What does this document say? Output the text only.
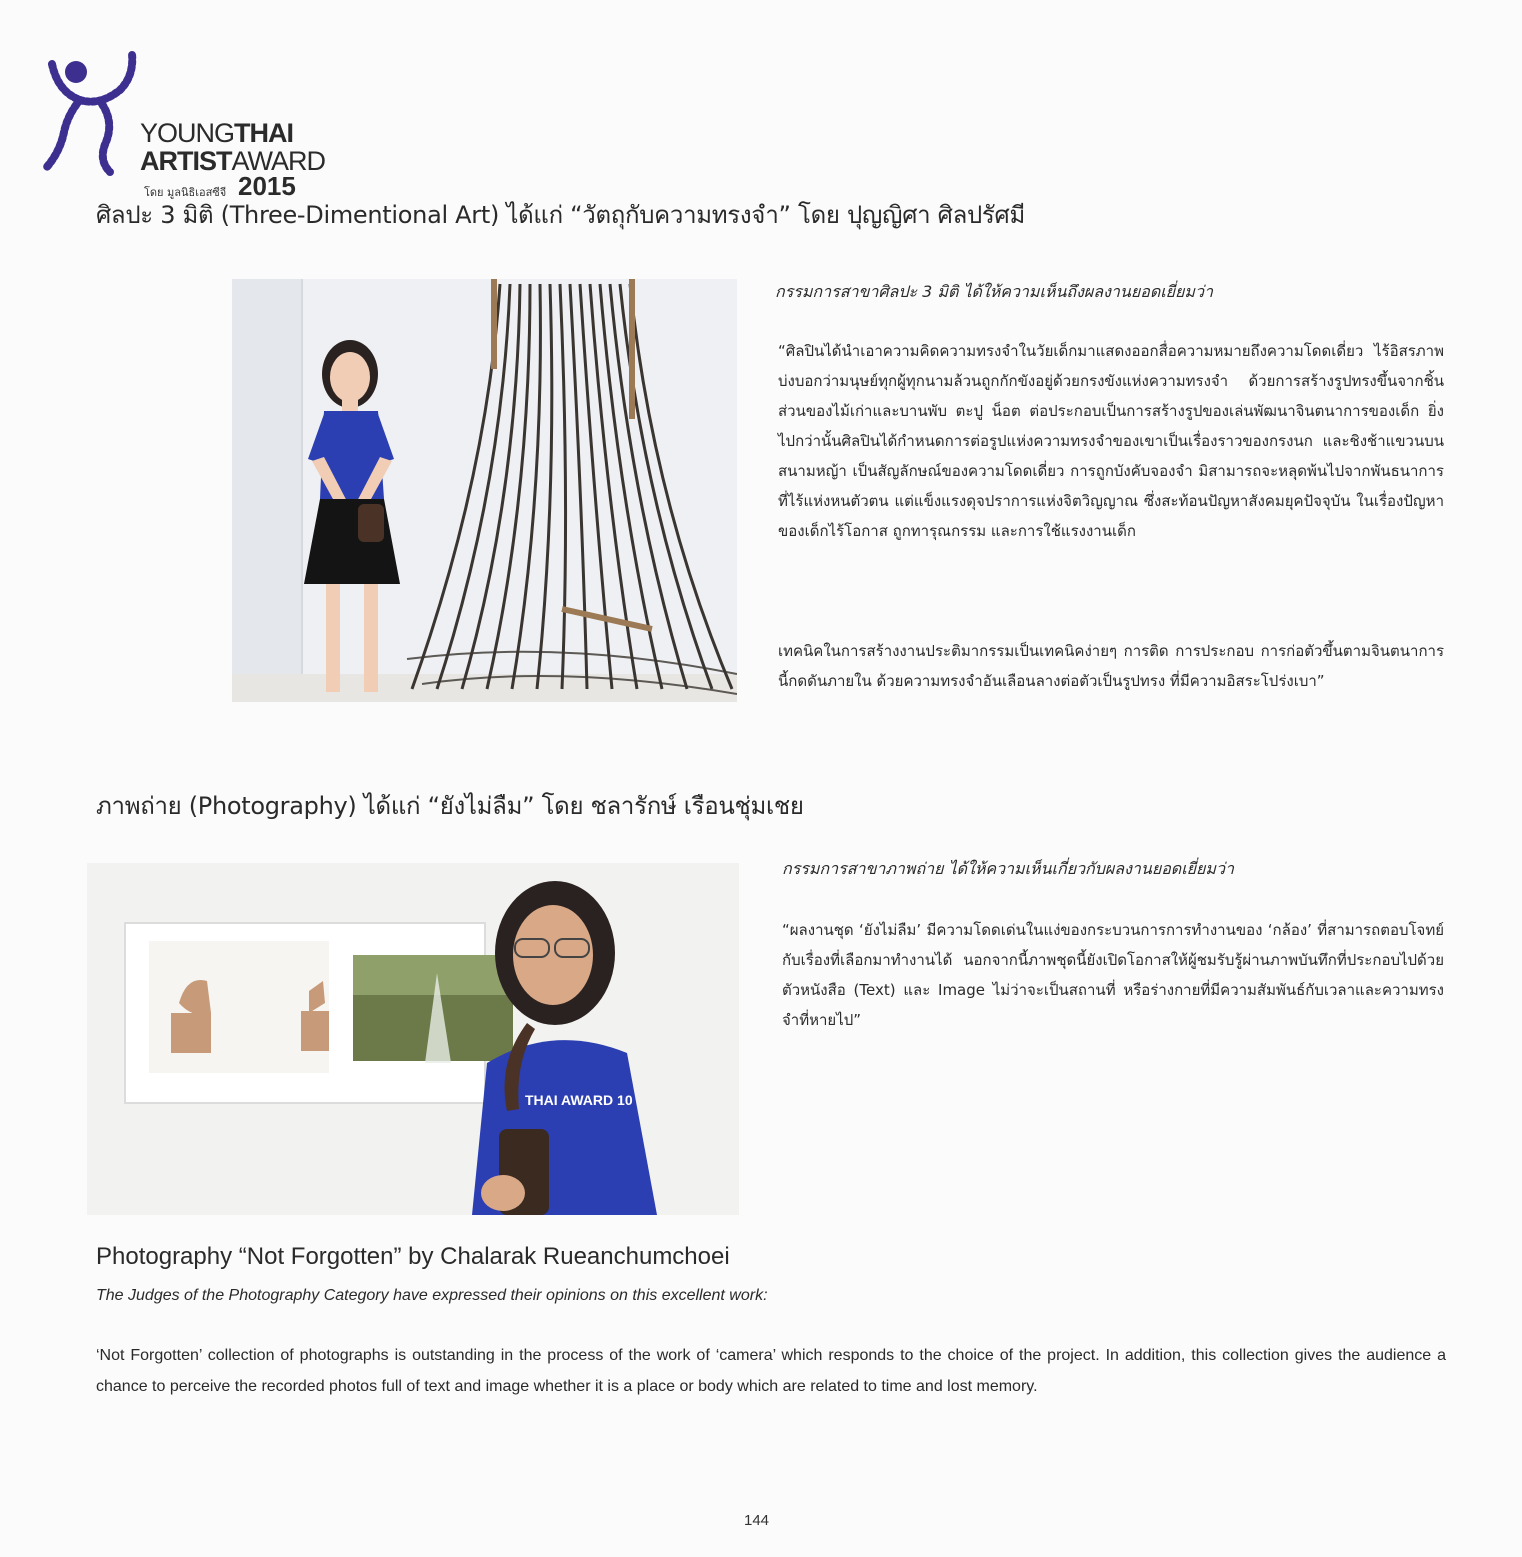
YOUNGTHAI
ARTISTAWARD
โดย มูลนิธิเอสซีจี 2015
ศิลปะ 3 มิติ (Three-Dimentional Art) ได้แก่ “วัตถุกับความทรงจำ” โดย ปุญญิศา ศิลปรัศมี

กรรมการสาขาศิลปะ 3 มิติ ได้ให้ความเห็นถึงผลงานยอดเยี่ยมว่า

“ศิลปินได้นำเอาความคิดความทรงจำในวัยเด็กมาแสดงออกสื่อความหมายถึงความโดดเดี่ยว ไร้อิสรภาพ บ่งบอกว่ามนุษย์ทุกผู้ทุกนามล้วนถูกกักขังอยู่ด้วยกรงขังแห่งความทรงจำ ด้วยการสร้างรูปทรงขึ้นจากชิ้นส่วนของไม้เก่าและบานพับ ตะปู น็อต ต่อประกอบเป็นการสร้างรูปของเล่นพัฒนาจินตนาการของเด็ก ยิ่งไปกว่านั้นศิลปินได้กำหนดการต่อรูปแห่งความทรงจำของเขาเป็นเรื่องราวของกรงนก และชิงช้าแขวนบนสนามหญ้า เป็นสัญลักษณ์ของความโดดเดี่ยว การถูกบังคับจองจำ มิสามารถจะหลุดพ้นไปจากพันธนาการที่ไร้แห่งหนตัวตน แต่แข็งแรงดุจปราการแห่งจิตวิญญาณ ซึ่งสะท้อนปัญหาสังคมยุคปัจจุบัน ในเรื่องปัญหาของเด็กไร้โอกาส ถูกทารุณกรรม และการใช้แรงงานเด็ก

เทคนิคในการสร้างงานประติมากรรมเป็นเทคนิคง่ายๆ การติด การประกอบ การก่อตัวขึ้นตามจินตนาการนี้กดดันภายใน ด้วยความทรงจำอันเลือนลางต่อตัวเป็นรูปทรง ที่มีความอิสระโปร่งเบา”

ภาพถ่าย (Photography) ได้แก่ “ยังไม่ลืม” โดย ชลารักษ์ เรือนชุ่มเชย
THAI AWARD 10

กรรมการสาขาภาพถ่าย ได้ให้ความเห็นเกี่ยวกับผลงานยอดเยี่ยมว่า

“ผลงานชุด ‘ยังไม่ลืม’ มีความโดดเด่นในแง่ของกระบวนการการทำงานของ ‘กล้อง’ ที่สามารถตอบโจทย์กับเรื่องที่เลือกมาทำงานได้ นอกจากนี้ภาพชุดนี้ยังเปิดโอกาสให้ผู้ชมรับรู้ผ่านภาพบันทึกที่ประกอบไปด้วยตัวหนังสือ (Text) และ Image ไม่ว่าจะเป็นสถานที่ หรือร่างกายที่มีความสัมพันธ์กับเวลาและความทรงจำที่หายไป”

Photography “Not Forgotten” by Chalarak Rueanchumchoei

The Judges of the Photography Category have expressed their opinions on this excellent work:

‘Not Forgotten’ collection of photographs is outstanding in the process of the work of ‘camera’ which responds to the choice of the project. In addition, this collection gives the audience a chance to perceive the recorded photos full of text and image whether it is a place or body which are related to time and lost memory.

144
